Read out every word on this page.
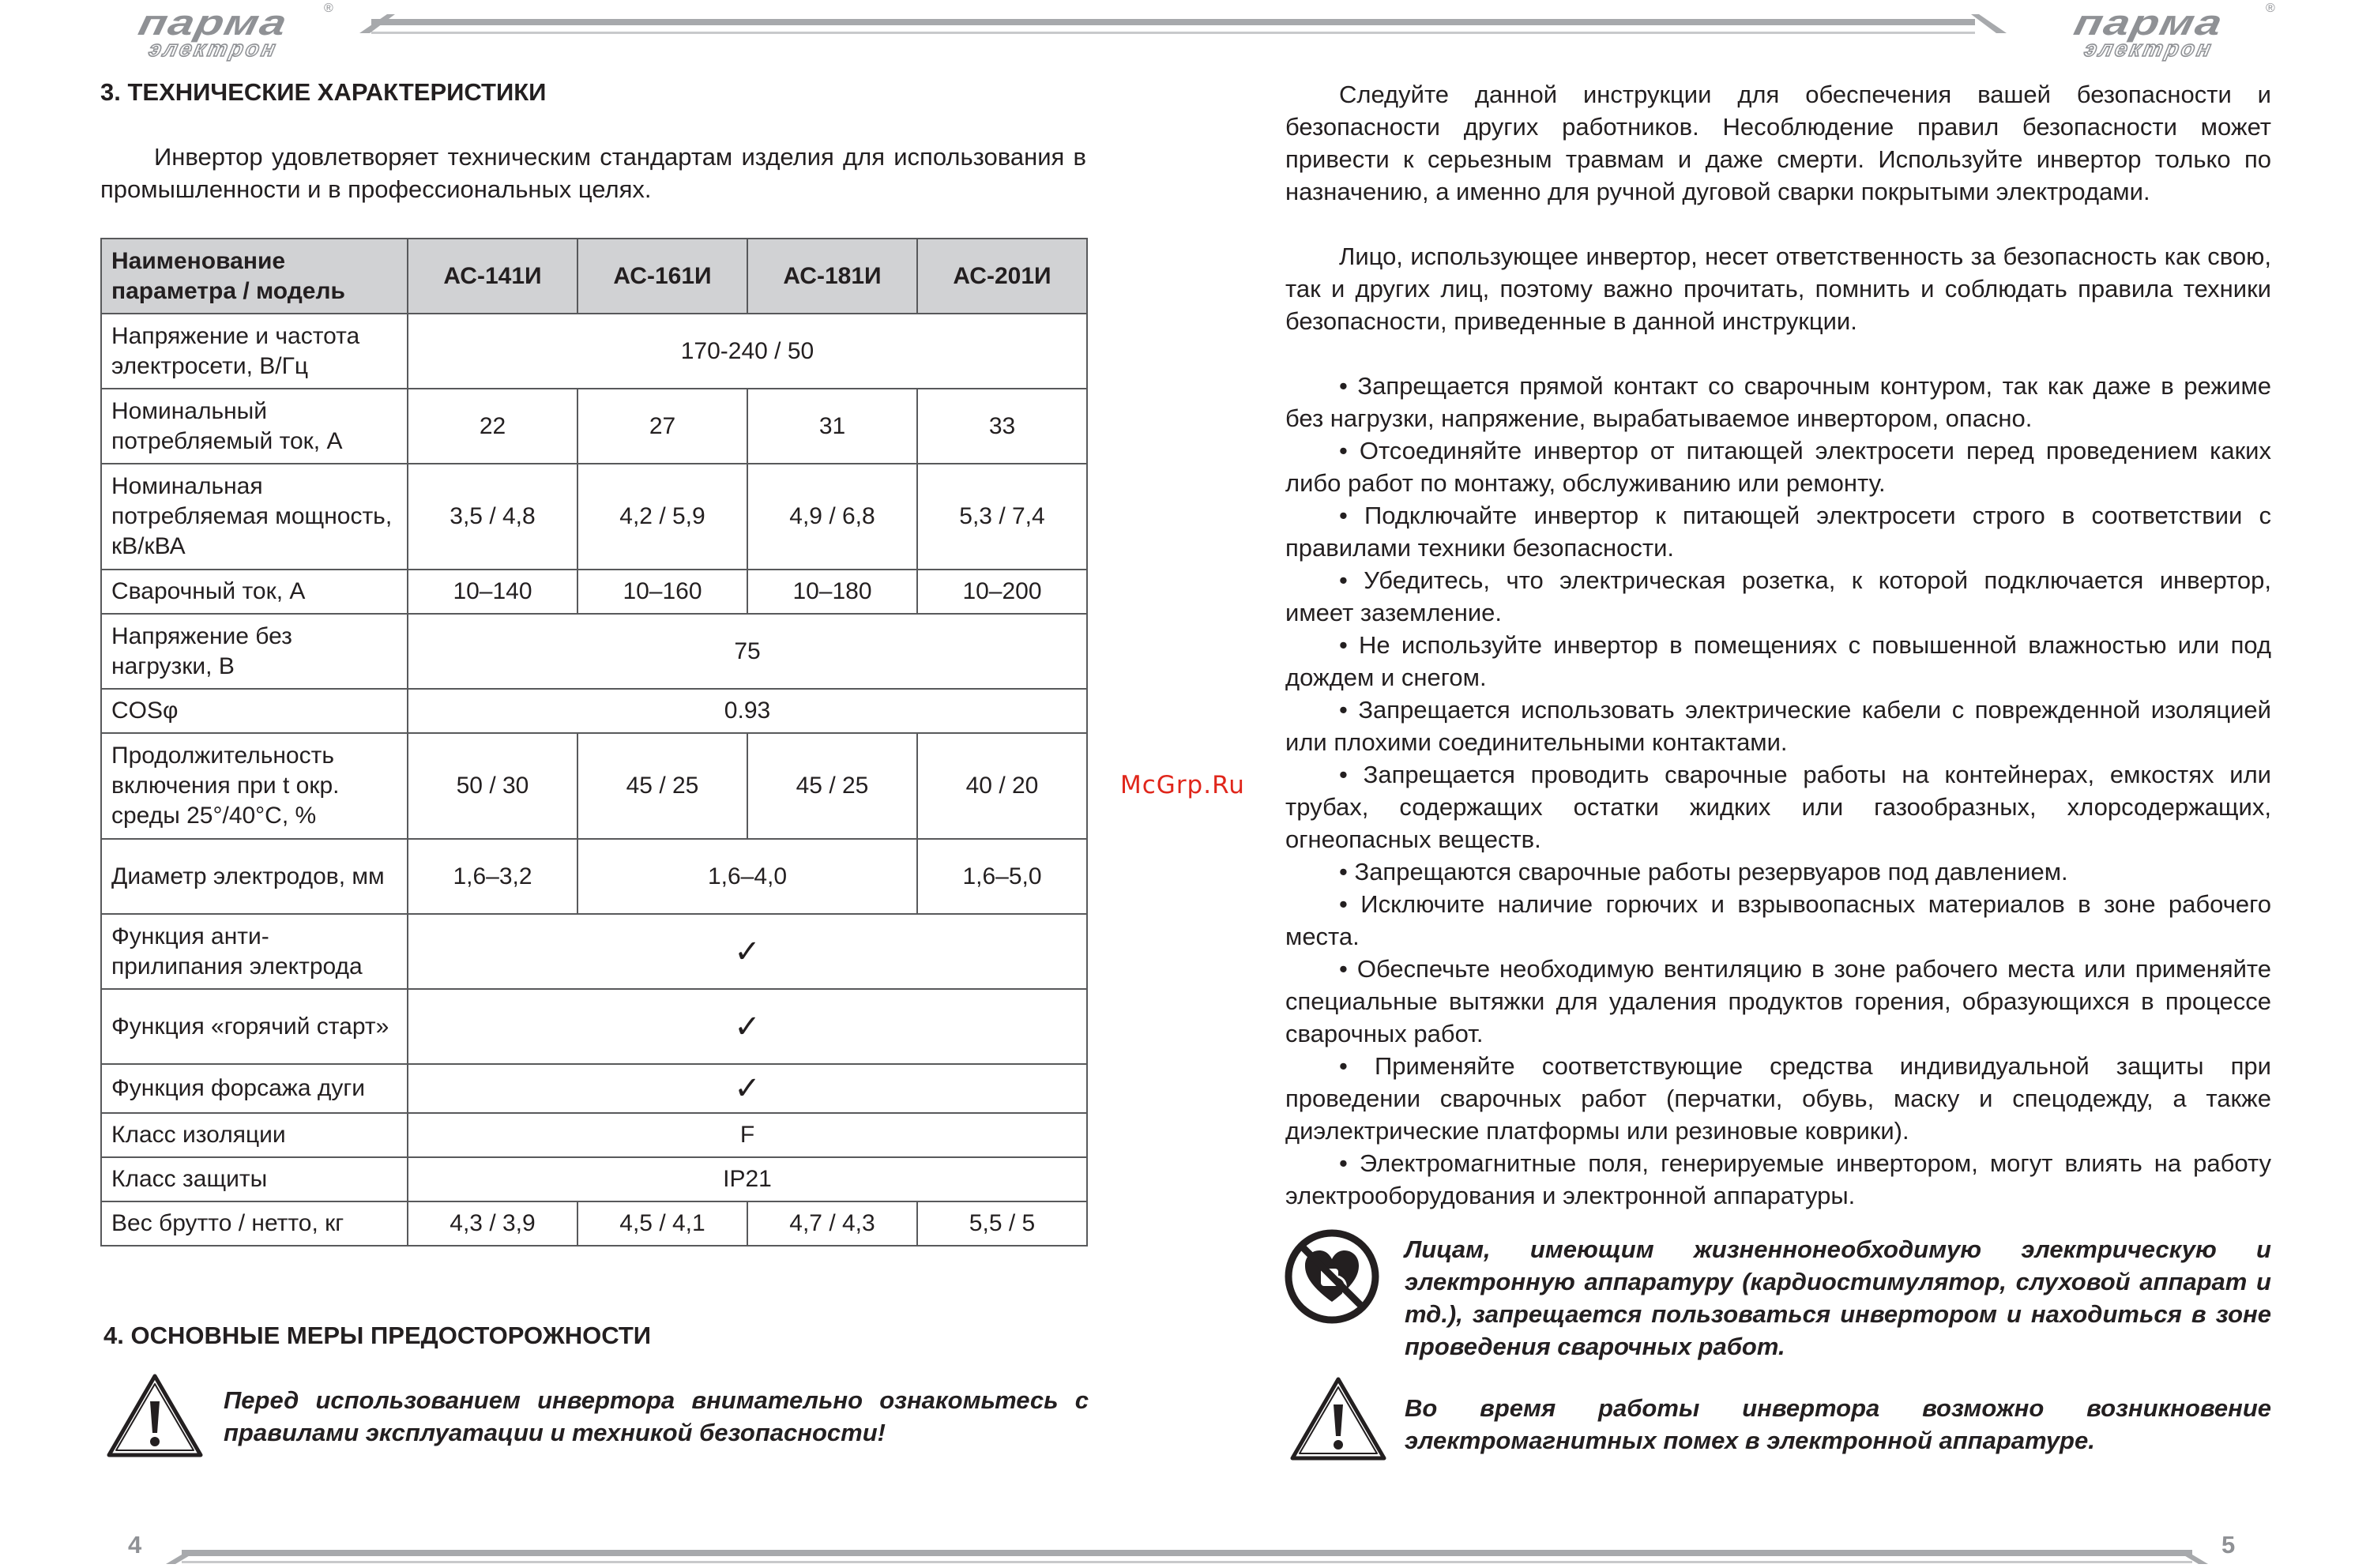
парма
электрон
®	парма
электрон
®
3. ТЕХНИЧЕСКИЕ ХАРАКТЕРИСТИКИ

Инвертор удовлетворяет техническим стандартам изделия для использования в промышленности и в профессиональных целях.

Наименование параметра / модель	АС-141И	АС-161И	АС-181И	АС-201И
Напряжение и частота электросети, В/Гц	170-240 / 50			
Номинальный потребляемый ток, А	22	27	31	33
Номинальная потребляемая мощность, кВ/кВА	3,5 / 4,8	4,2 / 5,9	4,9 / 6,8	5,3 / 7,4
Сварочный ток, А	10–140	10–160	10–180	10–200
Напряжение без нагрузки, В	75			
COSφ	0.93			
Продолжительность включения при t окр. среды 25°/40°С, %	50 / 30	45 / 25	45 / 25	40 / 20
Диаметр электродов, мм	1,6–3,2	1,6–4,0		1,6–5,0
Функция анти-прилипания электрода	✓			
Функция «горячий старт»	✓			
Функция форсажа дуги	✓			
Класс изоляции	F			
Класс защиты	IP21			
Вес брутто / нетто, кг	4,3 / 3,9	4,5 / 4,1	4,7 / 4,3	5,5 / 5
4. ОСНОВНЫЕ МЕРЫ ПРЕДОСТОРОЖНОСТИ
Перед использованием инвертора внимательно ознакомьтесь с правилами эксплуатации и техникой безопасности!

Следуйте данной инструкции для обеспечения вашей безопасности и безопасности других работников. Несоблюдение правил безопасности может привести к серьезным травмам и даже смерти. Используйте инвертор только по назначению, а именно для ручной дуговой сварки покрытыми электродами.

Лицо, использующее инвертор, несет ответственность за безопасность как свою, так и других лиц, поэтому важно прочитать, помнить и соблюдать правила техники безопасности, приведенные в данной инструкции.

• Запрещается прямой контакт со сварочным контуром, так как даже в режиме без нагрузки, напряжение, вырабатываемое инвертором, опасно.

• Отсоединяйте инвертор от питающей электросети перед проведением каких либо работ по монтажу, обслуживанию или ремонту.

• Подключайте инвертор к питающей электросети строго в соответствии с правилами техники безопасности.

• Убедитесь, что электрическая розетка, к которой подключается инвертор, имеет заземление.

• Не используйте инвертор в помещениях с повышенной влажностью или под дождем и снегом.

• Запрещается использовать электрические кабели с поврежденной изоляцией или плохими соединительными контактами.

• Запрещается проводить сварочные работы на контейнерах, емкостях или трубах, содержащих остатки жидких или газообразных, хлорсодержащих, огнеопасных веществ.

• Запрещаются сварочные работы резервуаров под давлением.

• Исключите наличие горючих и взрывоопасных материалов в зоне рабочего места.

• Обеспечьте необходимую вентиляцию в зоне рабочего места или применяйте специальные вытяжки для удаления продуктов горения, образующихся в процессе сварочных работ.

• Применяйте соответствующие средства индивидуальной защиты при проведении сварочных работ (перчатки, обувь, маску и спецодежду, а также диэлектрические платформы или резиновые коврики).

• Электромагнитные поля, генерируемые инвертором, могут влиять на работу электрооборудования и электронной аппаратуры.

Лицам, имеющим жизненнонеобходимую электрическую и электронную аппаратуру (кардиостимулятор, слуховой аппарат и тд.), запрещается пользоваться инвертором и находиться в зоне проведения сварочных работ.
Во время работы инвертора возможно возникновение электромагнитных помех в электронной аппаратуре.
McGrp.Ru
4	5
